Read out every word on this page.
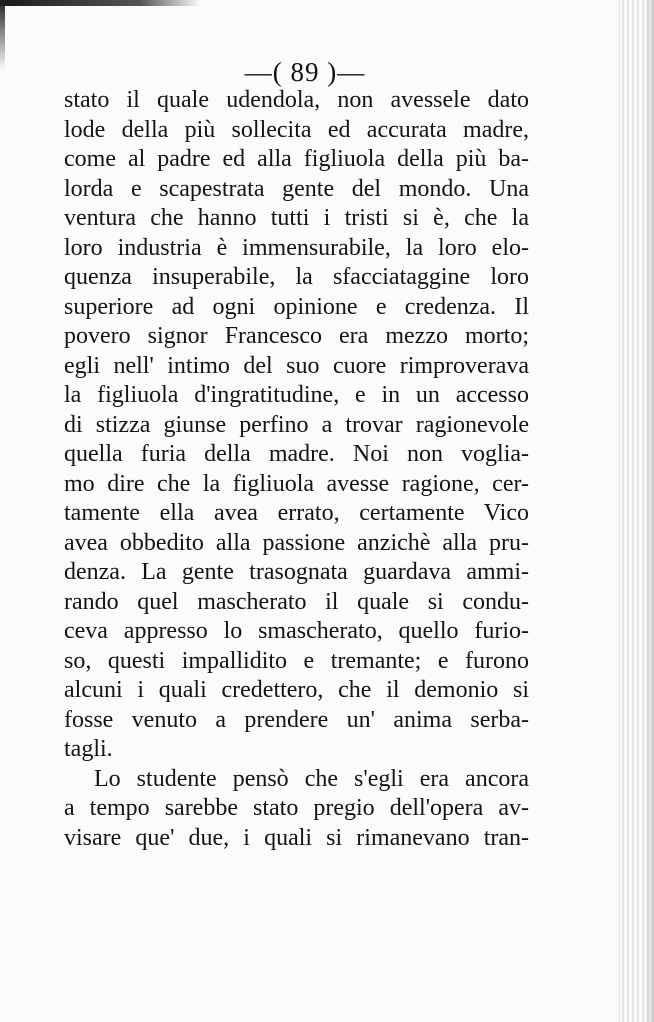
—( 89 )—
stato il quale udendola, non avessele dato
lode della più sollecita ed accurata madre,
come al padre ed alla figliuola della più ba-
lorda e scapestrata gente del mondo. Una
ventura che hanno tutti i tristi si è, che la
loro industria è immensurabile, la loro elo-
quenza insuperabile, la sfacciataggine loro
superiore ad ogni opinione e credenza. Il
povero signor Francesco era mezzo morto;
egli nell' intimo del suo cuore rimproverava
la figliuola d'ingratitudine, e in un accesso
di stizza giunse perfino a trovar ragionevole
quella furia della madre. Noi non voglia-
mo dire che la figliuola avesse ragione, cer-
tamente ella avea errato, certamente Vico
avea obbedito alla passione anzichè alla pru-
denza. La gente trasognata guardava ammi-
rando quel mascherato il quale si condu-
ceva appresso lo smascherato, quello furio-
so, questi impallidito e tremante; e furono
alcuni i quali credettero, che il demonio si
fosse venuto a prendere un' anima serba-
tagli.
Lo studente pensò che s'egli era ancora
a tempo sarebbe stato pregio dell'opera av-
visare que' due, i quali si rimanevano tran-
